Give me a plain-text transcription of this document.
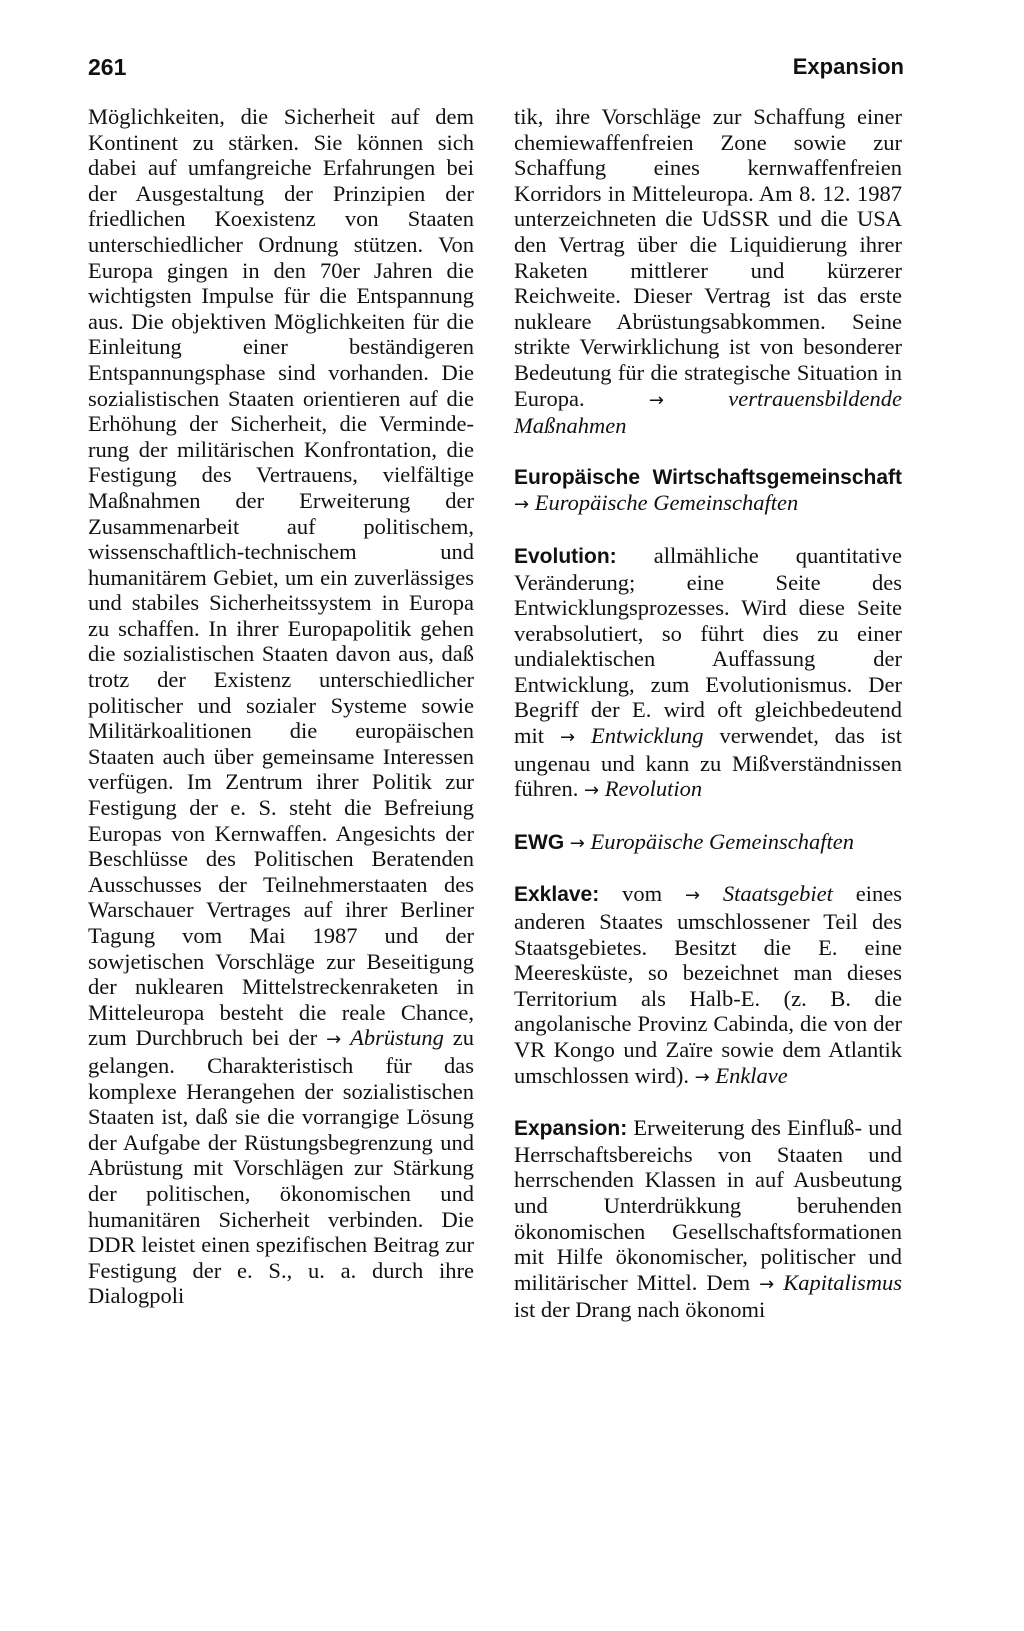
261	Expansion

Möglichkeiten, die Sicherheit auf dem Kontinent zu stärken. Sie können sich dabei auf umfangreiche Erfahrungen bei der Ausgestaltung der Prinzipien der friedlichen Koexistenz von Staaten unterschiedlicher Ordnung stützen. Von Europa gingen in den 70er Jahren die wichtigsten Impulse für die Entspannung aus. Die objektiven Möglichkeiten für die Einleitung einer beständigeren Entspannungsphase sind vorhanden. Die sozialistischen Staaten orientieren auf die Erhöhung der Sicherheit, die Verminderung der militärischen Konfrontation, die Festigung des Vertrauens, vielfältige Maßnahmen der Erweiterung der Zusammenarbeit auf politischem, wissenschaftlich-technischem und humanitärem Gebiet, um ein zuverlässiges und stabiles Sicherheitssystem in Europa zu schaffen. In ihrer Europapolitik gehen die sozialistischen Staaten davon aus, daß trotz der Existenz unterschiedlicher politischer und sozialer Systeme sowie Militärkoalitionen die europäischen Staaten auch über gemeinsame Interessen verfügen. Im Zentrum ihrer Politik zur Festigung der e. S. steht die Befreiung Europas von Kernwaffen. Angesichts der Beschlüsse des Politischen Beratenden Ausschusses der Teilnehmerstaaten des Warschauer Vertrages auf ihrer Berliner Tagung vom Mai 1987 und der sowjetischen Vorschläge zur Beseitigung der nuklearen Mittelstreckenraketen in Mitteleuropa besteht die reale Chance, zum Durchbruch bei der → Abrüstung zu gelangen. Charakteristisch für das komplexe Herangehen der sozialistischen Staaten ist, daß sie die vorrangige Lösung der Aufgabe der Rüstungsbegrenzung und Abrüstung mit Vorschlägen zur Stärkung der politischen, ökonomischen und humanitären Sicherheit verbinden. Die DDR leistet einen spezifischen Beitrag zur Festigung der e. S., u. a. durch ihre Dialogpoli

tik, ihre Vorschläge zur Schaffung einer chemiewaffenfreien Zone sowie zur Schaffung eines kernwaffenfreien Korridors in Mitteleuropa. Am 8. 12. 1987 unterzeichneten die UdSSR und die USA den Vertrag über die Liquidierung ihrer Raketen mittlerer und kürzerer Reichweite. Dieser Vertrag ist das erste nukleare Abrüstungsabkommen. Seine strikte Verwirklichung ist von besonderer Bedeutung für die strategische Situation in Europa.	→	vertrauensbildende Maßnahmen

Europäische Wirtschaftsgemeinschaft → Europäische Gemeinschaften

Evolution: allmähliche quantitative Veränderung; eine Seite des Entwicklungsprozesses. Wird diese Seite verabsolutiert, so führt dies zu einer undialektischen Auffassung der Entwicklung, zum Evolutionismus. Der Begriff der E. wird oft gleichbedeutend mit → Entwicklung verwendet, das ist ungenau und kann zu Mißverständnissen führen. → Revolution

EWG → Europäische Gemeinschaften

Exklave: vom → Staatsgebiet eines anderen Staates umschlossener Teil des Staatsgebietes. Besitzt die E. eine Meeresküste, so bezeichnet man dieses Territorium als Halb-E. (z. B. die angolanische Provinz Cabinda, die von der VR Kongo und Zaïre sowie dem Atlantik umschlossen wird). → Enklave

Expansion: Erweiterung des Einfluß- und Herrschaftsbereichs von Staaten und herrschenden Klassen in auf Ausbeutung und Unterdrükkung beruhenden ökonomischen Gesellschaftsformationen mit Hilfe ökonomischer, politischer und militärischer Mittel. Dem → Kapitalismus ist der Drang nach ökonomi
